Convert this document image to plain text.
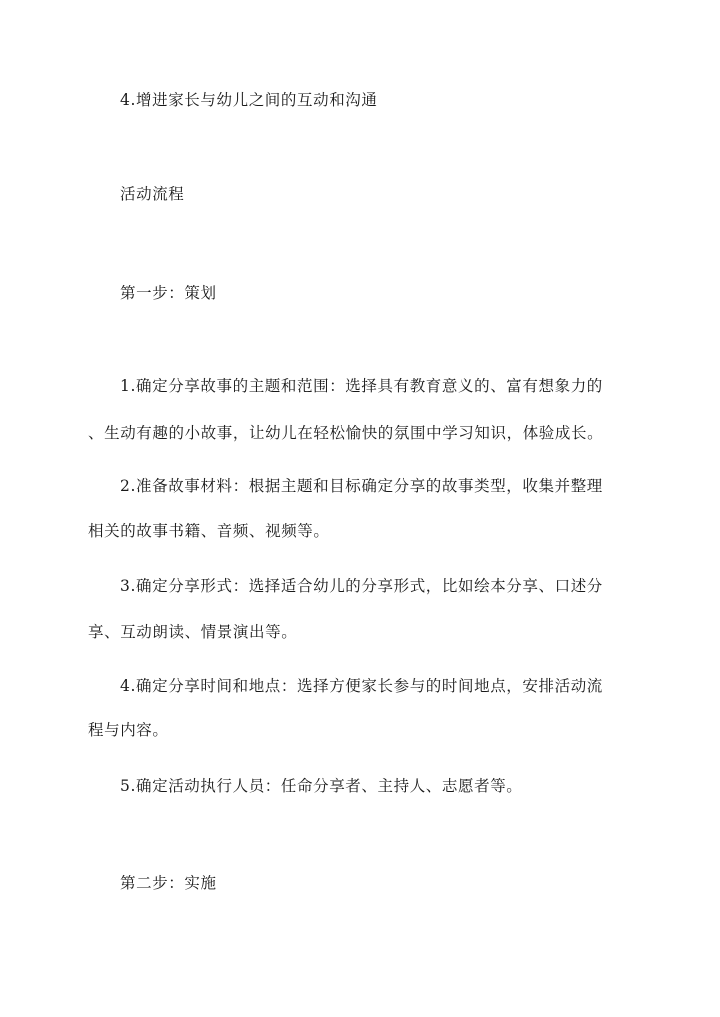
4.增进家长与幼儿之间的互动和沟通
活动流程
第一步：策划
1.确定分享故事的主题和范围：选择具有教育意义的、富有想象力的
、生动有趣的小故事，让幼儿在轻松愉快的氛围中学习知识，体验成长。
2.准备故事材料：根据主题和目标确定分享的故事类型，收集并整理
相关的故事书籍、音频、视频等。
3.确定分享形式：选择适合幼儿的分享形式，比如绘本分享、口述分
享、互动朗读、情景演出等。
4.确定分享时间和地点：选择方便家长参与的时间地点，安排活动流
程与内容。
5.确定活动执行人员：任命分享者、主持人、志愿者等。
第二步：实施
